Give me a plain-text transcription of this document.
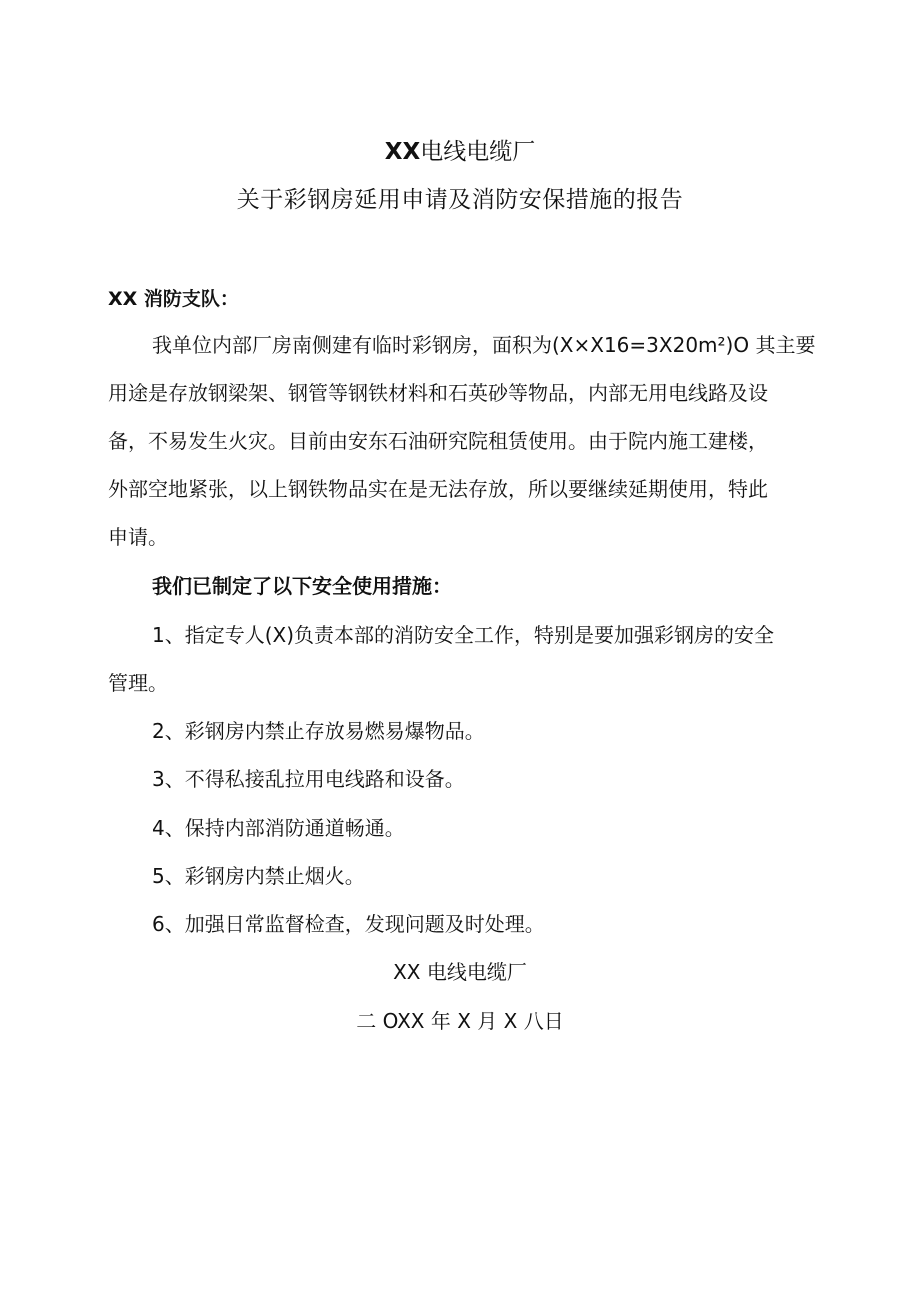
XX电线电缆厂
关于彩钢房延用申请及消防安保措施的报告
XX 消防支队：
我单位内部厂房南侧建有临时彩钢房，面积为(X×X16=3X20m²)O 其主要
用途是存放钢梁架、钢管等钢铁材料和石英砂等物品，内部无用电线路及设
备，不易发生火灾。目前由安东石油研究院租赁使用。由于院内施工建楼，
外部空地紧张，以上钢铁物品实在是无法存放，所以要继续延期使用，特此
申请。
我们已制定了以下安全使用措施：
1、指定专人(X)负责本部的消防安全工作，特别是要加强彩钢房的安全
管理。
2、彩钢房内禁止存放易燃易爆物品。
3、不得私接乱拉用电线路和设备。
4、保持内部消防通道畅通。
5、彩钢房内禁止烟火。
6、加强日常监督检查，发现问题及时处理。
XX 电线电缆厂
二 OXX 年 X 月 X 八日
